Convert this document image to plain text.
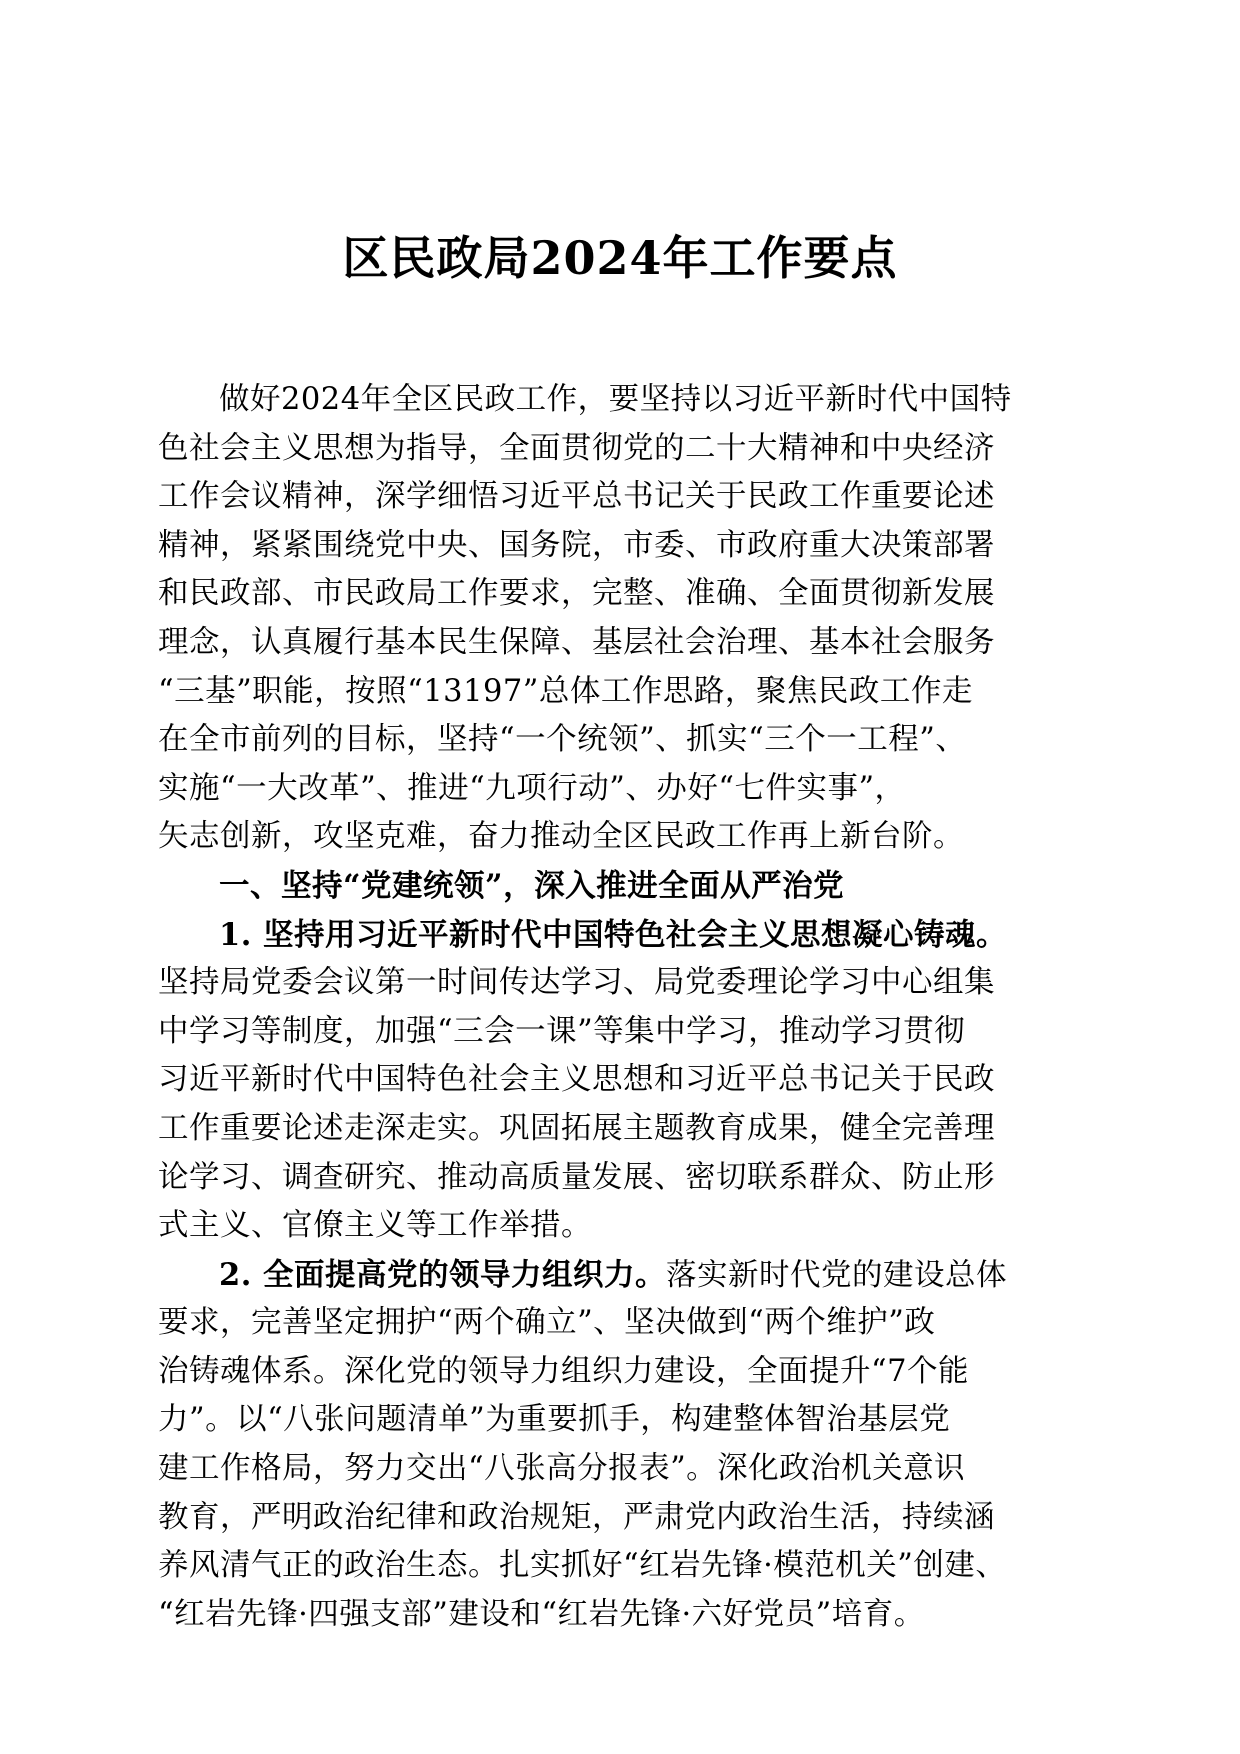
区民政局2024年工作要点
做好2024年全区民政工作，要坚持以习近平新时代中国特
色社会主义思想为指导，全面贯彻党的二十大精神和中央经济
工作会议精神，深学细悟习近平总书记关于民政工作重要论述
精神，紧紧围绕党中央、国务院，市委、市政府重大决策部署
和民政部、市民政局工作要求，完整、准确、全面贯彻新发展
理念，认真履行基本民生保障、基层社会治理、基本社会服务
“三基”职能，按照“13197”总体工作思路，聚焦民政工作走
在全市前列的目标，坚持“一个统领”、抓实“三个一工程”、
实施“一大改革”、推进“九项行动”、办好“七件实事”，
矢志创新，攻坚克难，奋力推动全区民政工作再上新台阶。
一、坚持“党建统领”，深入推进全面从严治党
1. 坚持用习近平新时代中国特色社会主义思想凝心铸魂。
坚持局党委会议第一时间传达学习、局党委理论学习中心组集
中学习等制度，加强“三会一课”等集中学习，推动学习贯彻
习近平新时代中国特色社会主义思想和习近平总书记关于民政
工作重要论述走深走实。巩固拓展主题教育成果，健全完善理
论学习、调查研究、推动高质量发展、密切联系群众、防止形
式主义、官僚主义等工作举措。
2. 全面提高党的领导力组织力。落实新时代党的建设总体
要求，完善坚定拥护“两个确立”、坚决做到“两个维护”政
治铸魂体系。深化党的领导力组织力建设，全面提升“7个能
力”。以“八张问题清单”为重要抓手，构建整体智治基层党
建工作格局，努力交出“八张高分报表”。深化政治机关意识
教育，严明政治纪律和政治规矩，严肃党内政治生活，持续涵
养风清气正的政治生态。扎实抓好“红岩先锋·模范机关”创建、
“红岩先锋·四强支部”建设和“红岩先锋·六好党员”培育。
